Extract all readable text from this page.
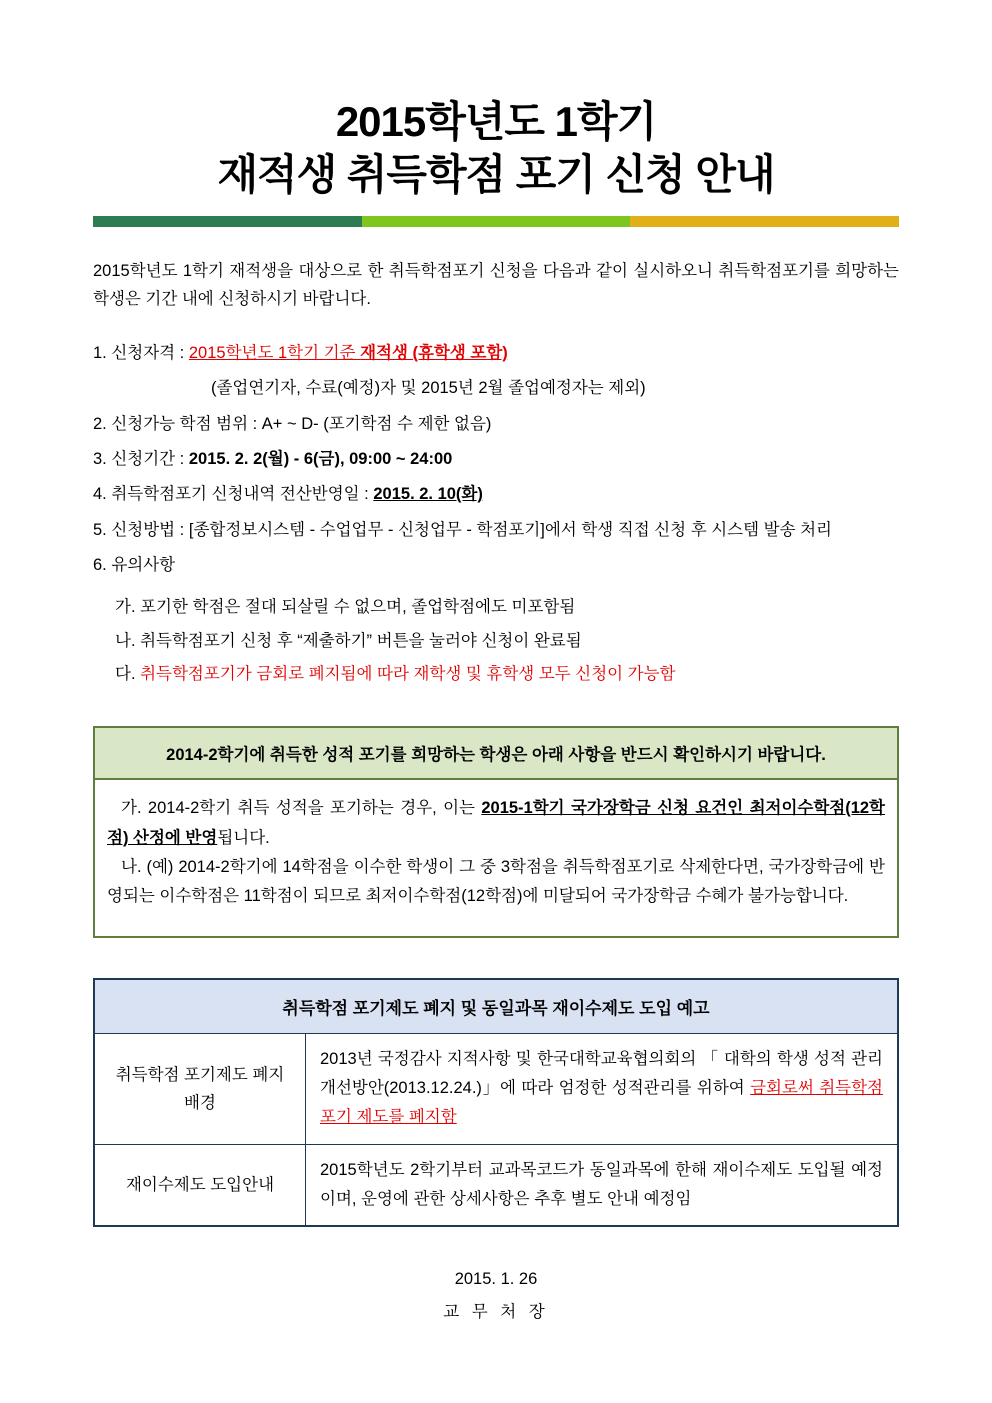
2015학년도 1학기
재적생 취득학점 포기 신청 안내

2015학년도 1학기 재적생을 대상으로 한 취득학점포기 신청을 다음과 같이 실시하오니 취득학점포기를 희망하는 학생은 기간 내에 신청하시기 바랍니다.

1. 신청자격 : 2015학년도 1학기 기준 재적생 (휴학생 포함)
(졸업연기자, 수료(예정)자 및 2015년 2월 졸업예정자는 제외)
2. 신청가능 학점 범위 : A+ ~ D- (포기학점 수 제한 없음)
3. 신청기간 : 2015. 2. 2(월) - 6(금), 09:00 ~ 24:00
4. 취득학점포기 신청내역 전산반영일 : 2015. 2. 10(화)
5. 신청방법 : [종합정보시스템 - 수업업무 - 신청업무 - 학점포기]에서 학생 직접 신청 후 시스템 발송 처리
6. 유의사항
가. 포기한 학점은 절대 되살릴 수 없으며, 졸업학점에도 미포함됨
나. 취득학점포기 신청 후 “제출하기” 버튼을 눌러야 신청이 완료됨
다. 취득학점포기가 금회로 폐지됨에 따라 재학생 및 휴학생 모두 신청이 가능함
2014-2학기에 취득한 성적 포기를 희망하는 학생은 아래 사항을 반드시 확인하시기 바랍니다.

가. 2014-2학기 취득 성적을 포기하는 경우, 이는 2015-1학기 국가장학금 신청 요건인 최저이수학점(12학점) 산정에 반영됩니다.

나. (예) 2014-2학기에 14학점을 이수한 학생이 그 중 3학점을 취득학점포기로 삭제한다면, 국가장학금에 반영되는 이수학점은 11학점이 되므로 최저이수학점(12학점)에 미달되어 국가장학금 수혜가 불가능합니다.

취득학점 포기제도 폐지 및 동일과목 재이수제도 도입 예고	
취득학점 포기제도 폐지 배경	2013년 국정감사 지적사항 및 한국대학교육협의회의 「 대학의 학생 성적 관리 개선방안(2013.12.24.)」에 따라 엄정한 성적관리를 위하여 금회로써 취득학점포기 제도를 폐지함
재이수제도 도입안내	2015학년도 2학기부터 교과목코드가 동일과목에 한해 재이수제도 도입될 예정이며, 운영에 관한 상세사항은 추후 별도 안내 예정임
2015. 1. 26
교 무 처 장
